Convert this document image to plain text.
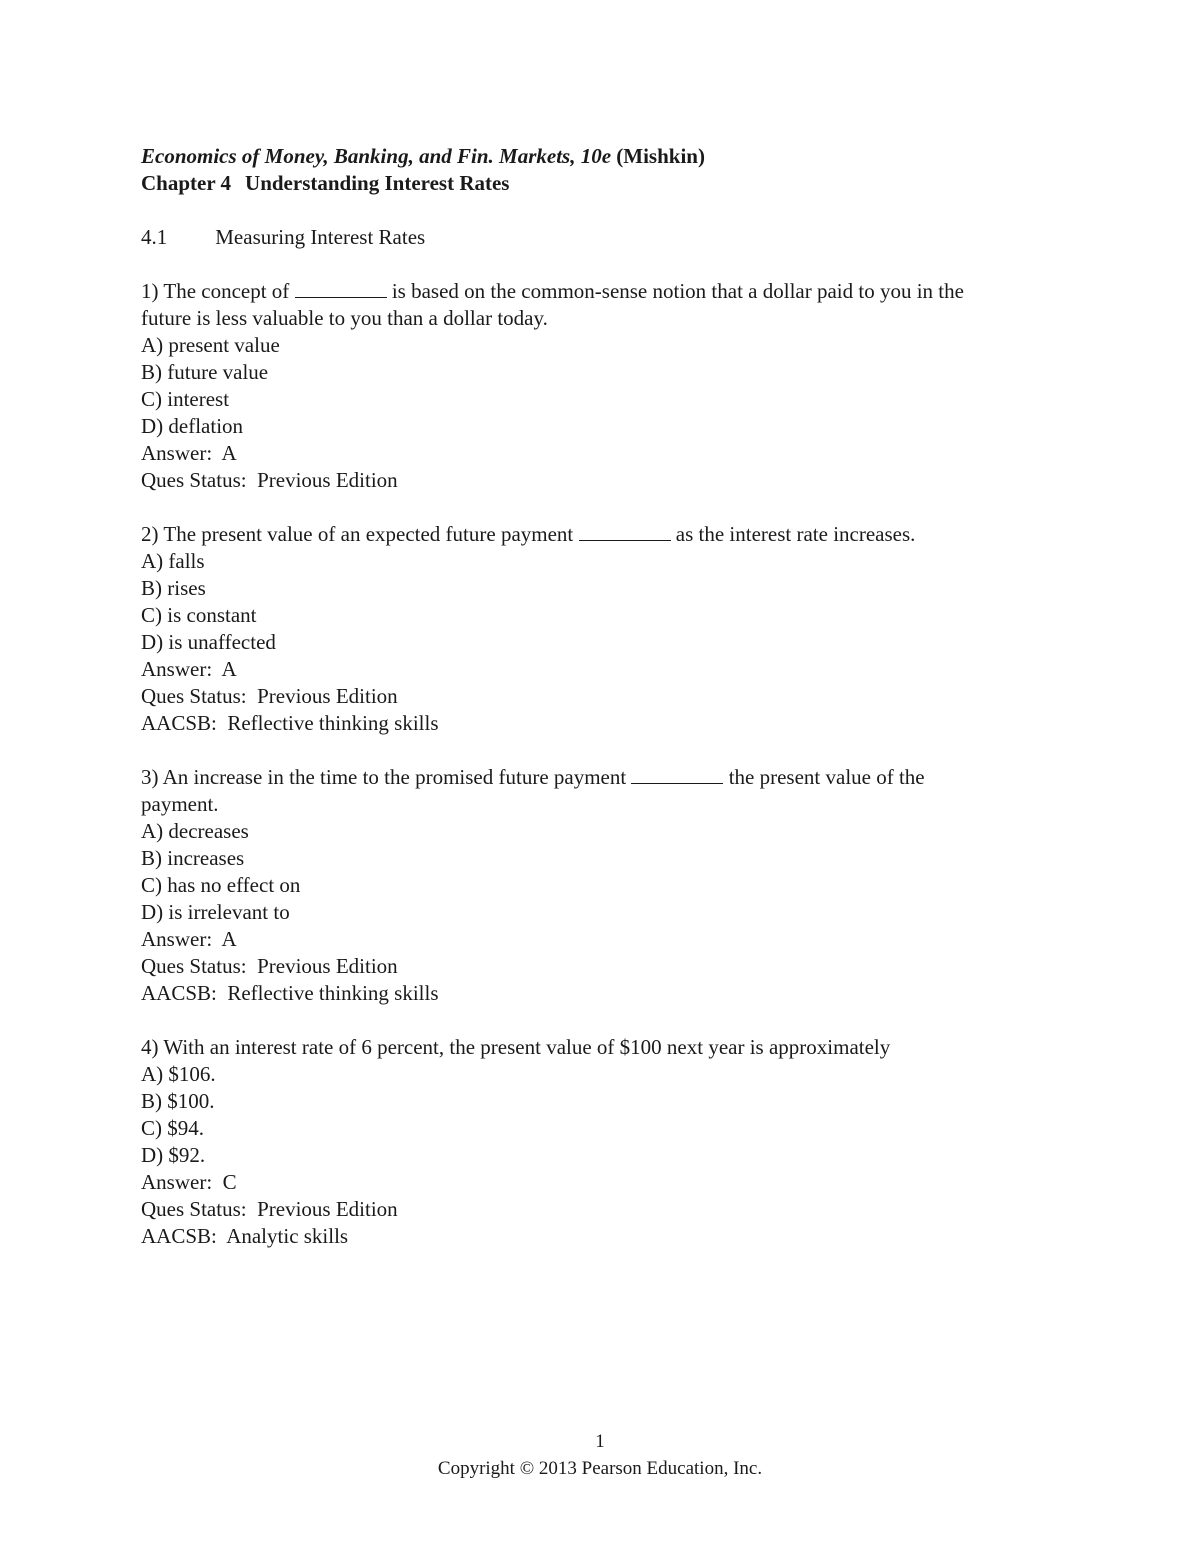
Economics of Money, Banking, and Fin. Markets, 10e (Mishkin)
Chapter 4 Understanding Interest Rates
4.1 Measuring Interest Rates
1) The concept of	is based on the common-sense notion that a dollar paid to you in the
future is less valuable to you than a dollar today.
A) present value
B) future value
C) interest
D) deflation
Answer:  A
Ques Status:  Previous Edition
2) The present value of an expected future payment	as the interest rate increases.
A) falls
B) rises
C) is constant
D) is unaffected
Answer:  A
Ques Status:  Previous Edition
AACSB:  Reflective thinking skills
3) An increase in the time to the promised future payment	the present value of the
payment.
A) decreases
B) increases
C) has no effect on
D) is irrelevant to
Answer:  A
Ques Status:  Previous Edition
AACSB:  Reflective thinking skills
4) With an interest rate of 6 percent, the present value of $100 next year is approximately
A) $106.
B) $100.
C) $94.
D) $92.
Answer:  C
Ques Status:  Previous Edition
AACSB:  Analytic skills
1
Copyright © 2013 Pearson Education, Inc.
